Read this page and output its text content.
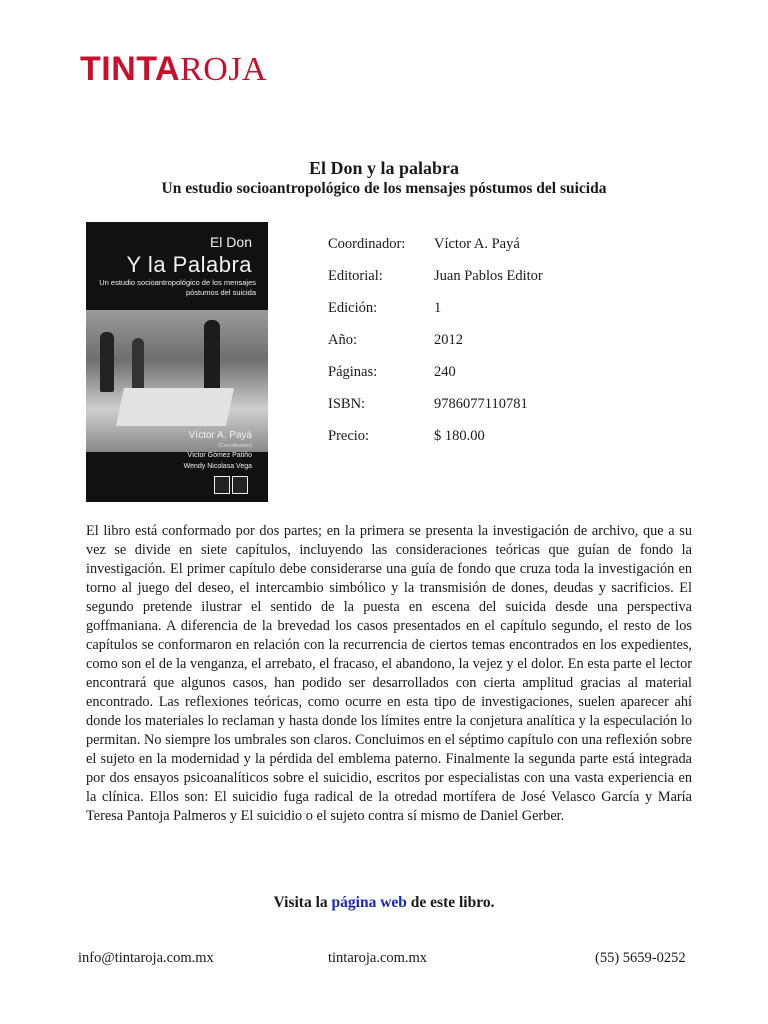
TINTAROJA
El Don y la palabra
Un estudio socioantropológico de los mensajes póstumos del suicida
El Don
Y la Palabra
Un estudio socioantropológico de los mensajes póstumos del suicida
Víctor A. Payá
(Coordinador)
Víctor Gómez Patiño
Wendy Nicolasa Vega
Coordinador: Víctor A. Payá
Editorial:	Juan Pablos Editor
Edición:	1
Año:	2012
Páginas:	240
ISBN:	9786077110781
Precio:	$ 180.00
El libro está conformado por dos partes; en la primera se presenta la investigación de archivo, que a su vez se divide en siete capítulos, incluyendo las consideraciones teóricas que guían de fondo la investigación. El primer capítulo debe considerarse una guía de fondo que cruza toda la investigación en torno al juego del deseo, el intercambio simbólico y la transmisión de dones, deudas y sacrificios. El segundo pretende ilustrar el sentido de la puesta en escena del suicida desde una perspectiva goffmaniana. A diferencia de la brevedad los casos presentados en el capítulo segundo, el resto de los capítulos se conformaron en relación con la recurrencia de ciertos temas encontrados en los expedientes, como son el de la venganza, el arrebato, el fracaso, el abandono, la vejez y el dolor. En esta parte el lector encontrará que algunos casos, han podido ser desarrollados con cierta amplitud gracias al material encontrado. Las reflexiones teóricas, como ocurre en esta tipo de investigaciones, suelen aparecer ahí donde los materiales lo reclaman y hasta donde los límites entre la conjetura analítica y la especulación lo permitan. No siempre los umbrales son claros. Concluimos en el séptimo capítulo con una reflexión sobre el sujeto en la modernidad y la pérdida del emblema paterno. Finalmente la segunda parte está integrada por dos ensayos psicoanalíticos sobre el suicidio, escritos por especialistas con una vasta experiencia en la clínica. Ellos son: El suicidio fuga radical de la otredad mortífera de José Velasco García y María Teresa Pantoja Palmeros y El suicidio o el sujeto contra sí mismo de Daniel Gerber.
Visita la página web de este libro.
info@tintaroja.com.mx	tintaroja.com.mx	(55) 5659-0252
